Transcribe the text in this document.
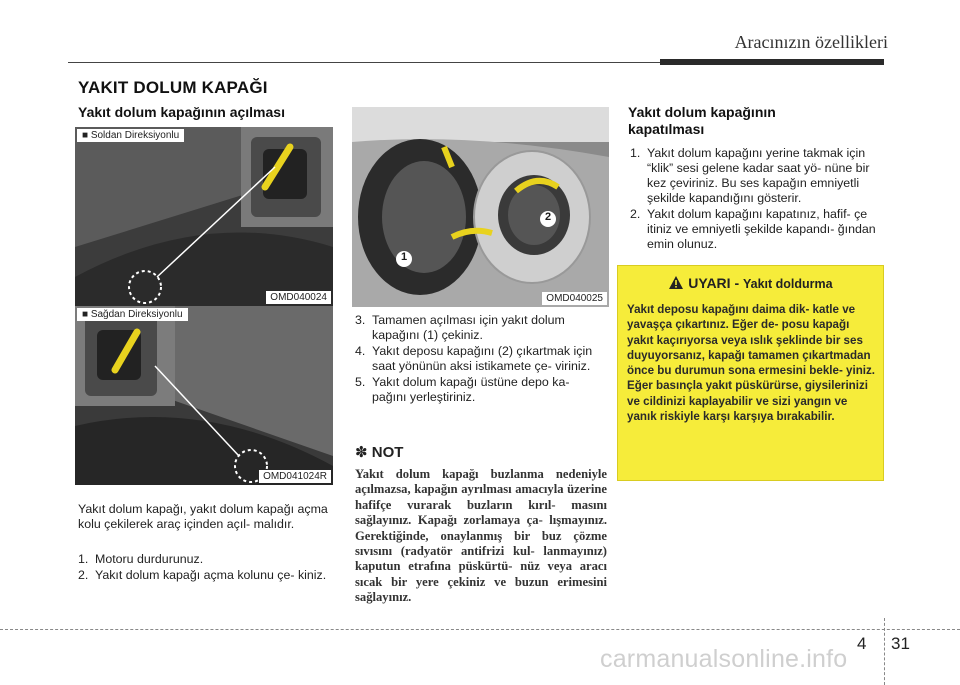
Aracınızın özellikleri
YAKIT DOLUM KAPAĞI
Yakıt dolum kapağının açılması
■ Soldan Direksiyonlu
OMD040024
■ Sağdan Direksiyonlu
OMD041024R
Yakıt dolum kapağı, yakıt dolum kapağı açma kolu çekilerek araç içinden açıl- malıdır.
1. Motoru durdurunuz.
2. Yakıt dolum kapağı açma kolunu çe- kiniz.
1
2
OMD040025
3. Tamamen açılması için yakıt dolum kapağını (1) çekiniz.
4. Yakıt deposu kapağını (2) çıkartmak için saat yönünün aksi istikamete çe- viriniz.
5. Yakıt dolum kapağı üstüne depo ka- pağını yerleştiriniz.
✽ NOT
Yakıt dolum kapağı buzlanma nedeniyle açılmazsa, kapağın ayrılması amacıyla üzerine hafifçe vurarak buzların kırıl- masını sağlayınız. Kapağı zorlamaya ça- lışmayınız. Gerektiğinde, onaylanmış bir buz çözme sıvısını (radyatör antifrizi kul- lanmayınız) kaputun etrafına püskürtü- nüz veya aracı sıcak bir yere çekiniz ve buzun erimesini sağlayınız.
Yakıt dolum kapağının
kapatılması
1. Yakıt dolum kapağını yerine takmak için “klik” sesi gelene kadar saat yö- nüne bir kez çeviriniz. Bu ses kapağın emniyetli şekilde kapandığını gösterir.
2. Yakıt dolum kapağını kapatınız, hafif- çe itiniz ve emniyetli şekilde kapandı- ğından emin olunuz.
UYARI - Yakıt doldurma
Yakıt deposu kapağını daima dik- katle ve yavaşça çıkartınız. Eğer de- posu kapağı yakıt kaçırıyorsa veya ıslık şeklinde bir ses duyuyorsanız, kapağı tamamen çıkartmadan önce bu durumun sona ermesini bekle- yiniz. Eğer basınçla yakıt püskürürse, giysilerinizi ve cildinizi kaplayabilir ve sizi yangın ve yanık riskiyle karşı karşıya bırakabilir.
4 31
carmanualsonline.info
